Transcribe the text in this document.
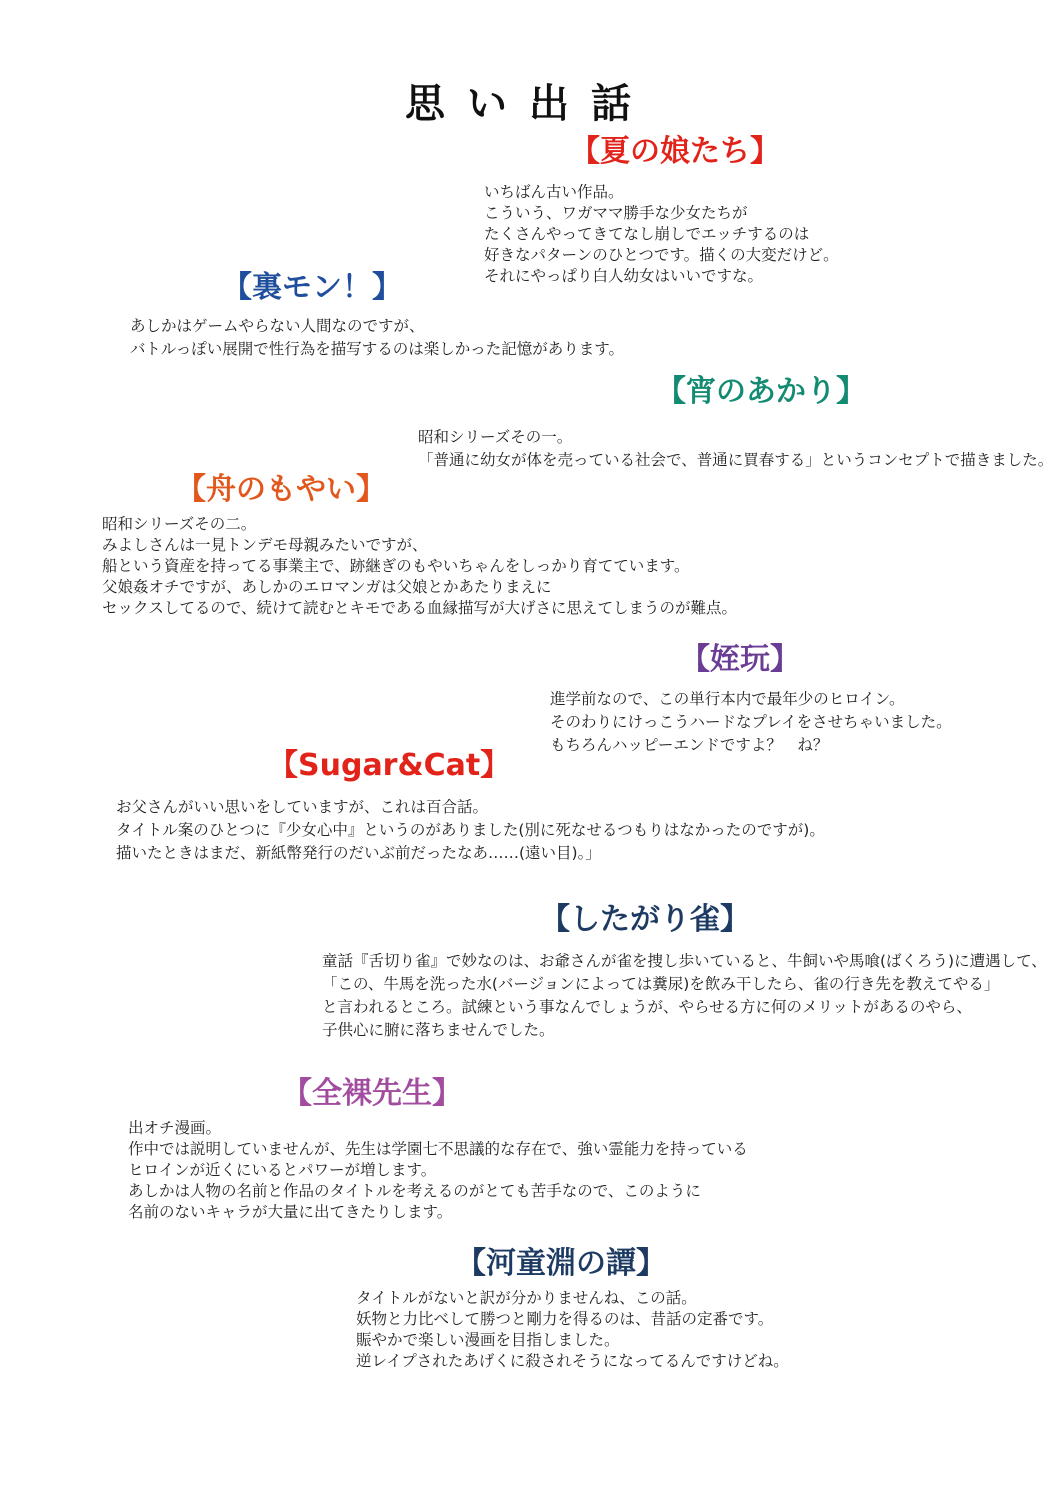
思い出話
【夏の娘たち】
いちばん古い作品。
こういう、ワガママ勝手な少女たちが
たくさんやってきてなし崩しでエッチするのは
好きなパターンのひとつです。描くの大変だけど。
それにやっぱり白人幼女はいいですな。
【裏モン！】
あしかはゲームやらない人間なのですが、
バトルっぽい展開で性行為を描写するのは楽しかった記憶があります。
【宵のあかり】
昭和シリーズその一。
「普通に幼女が体を売っている社会で、普通に買春する」というコンセプトで描きました。
【舟のもやい】
昭和シリーズその二。
みよしさんは一見トンデモ母親みたいですが、
船という資産を持ってる事業主で、跡継ぎのもやいちゃんをしっかり育てています。
父娘姦オチですが、あしかのエロマンガは父娘とかあたりまえに
セックスしてるので、続けて読むとキモである血縁描写が大げさに思えてしまうのが難点。
【姪玩】
進学前なので、この単行本内で最年少のヒロイン。
そのわりにけっこうハードなプレイをさせちゃいました。
もちろんハッピーエンドですよ？　ね？
【Sugar&Cat】
お父さんがいい思いをしていますが、これは百合話。
タイトル案のひとつに『少女心中』というのがありました(別に死なせるつもりはなかったのですが)。
描いたときはまだ、新紙幣発行のだいぶ前だったなあ……(遠い目)。」
【したがり雀】
童話『舌切り雀』で妙なのは、お爺さんが雀を捜し歩いていると、牛飼いや馬喰(ばくろう)に遭遇して、
「この、牛馬を洗った水(バージョンによっては糞尿)を飲み干したら、雀の行き先を教えてやる」
と言われるところ。試練という事なんでしょうが、やらせる方に何のメリットがあるのやら、
子供心に腑に落ちませんでした。
【全裸先生】
出オチ漫画。
作中では説明していませんが、先生は学園七不思議的な存在で、強い霊能力を持っている
ヒロインが近くにいるとパワーが増します。
あしかは人物の名前と作品のタイトルを考えるのがとても苦手なので、このように
名前のないキャラが大量に出てきたりします。
【河童淵の譚】
タイトルがないと訳が分かりませんね、この話。
妖物と力比べして勝つと剛力を得るのは、昔話の定番です。
賑やかで楽しい漫画を目指しました。
逆レイプされたあげくに殺されそうになってるんですけどね。
